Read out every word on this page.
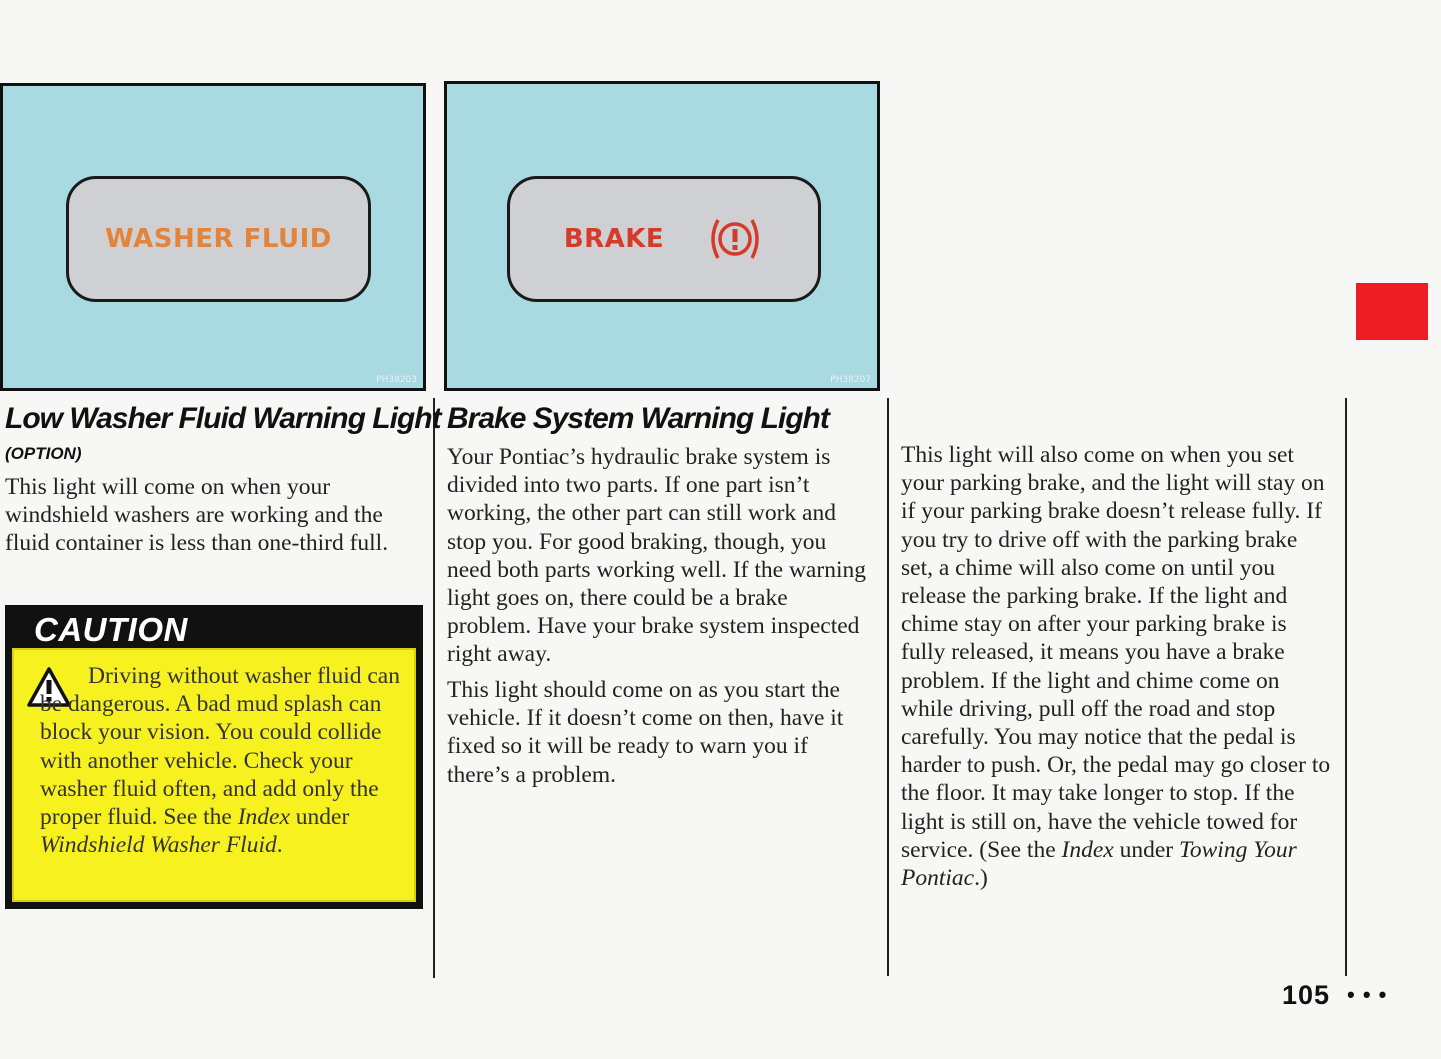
WASHER FLUID
PH38203
BRAKE
PH38207
Low Washer Fluid Warning Light
(OPTION)

This light will come on when your windshield washers are working and the fluid container is less than one-third full.

CAUTION

Driving without washer fluid can be dangerous. A bad mud splash can block your vision. You could collide with another vehicle. Check your washer fluid often, and add only the proper fluid. See the Index under Windshield Washer Fluid.

Brake System Warning Light

Your Pontiac’s hydraulic brake system is divided into two parts. If one part isn’t working, the other part can still work and stop you. For good braking, though, you need both parts working well. If the warning light goes on, there could be a brake problem. Have your brake system inspected right away.

This light should come on as you start the vehicle. If it doesn’t come on then, have it fixed so it will be ready to warn you if there’s a problem.

This light will also come on when you set your parking brake, and the light will stay on if your parking brake doesn’t release fully. If you try to drive off with the parking brake set, a chime will also come on until you release the parking brake. If the light and chime stay on after your parking brake is fully released, it means you have a brake problem. If the light and chime come on while driving, pull off the road and stop carefully. You may notice that the pedal is harder to push. Or, the pedal may go closer to the floor. It may take longer to stop. If the light is still on, have the vehicle towed for service. (See the Index under Towing Your Pontiac.)

105 • • •
